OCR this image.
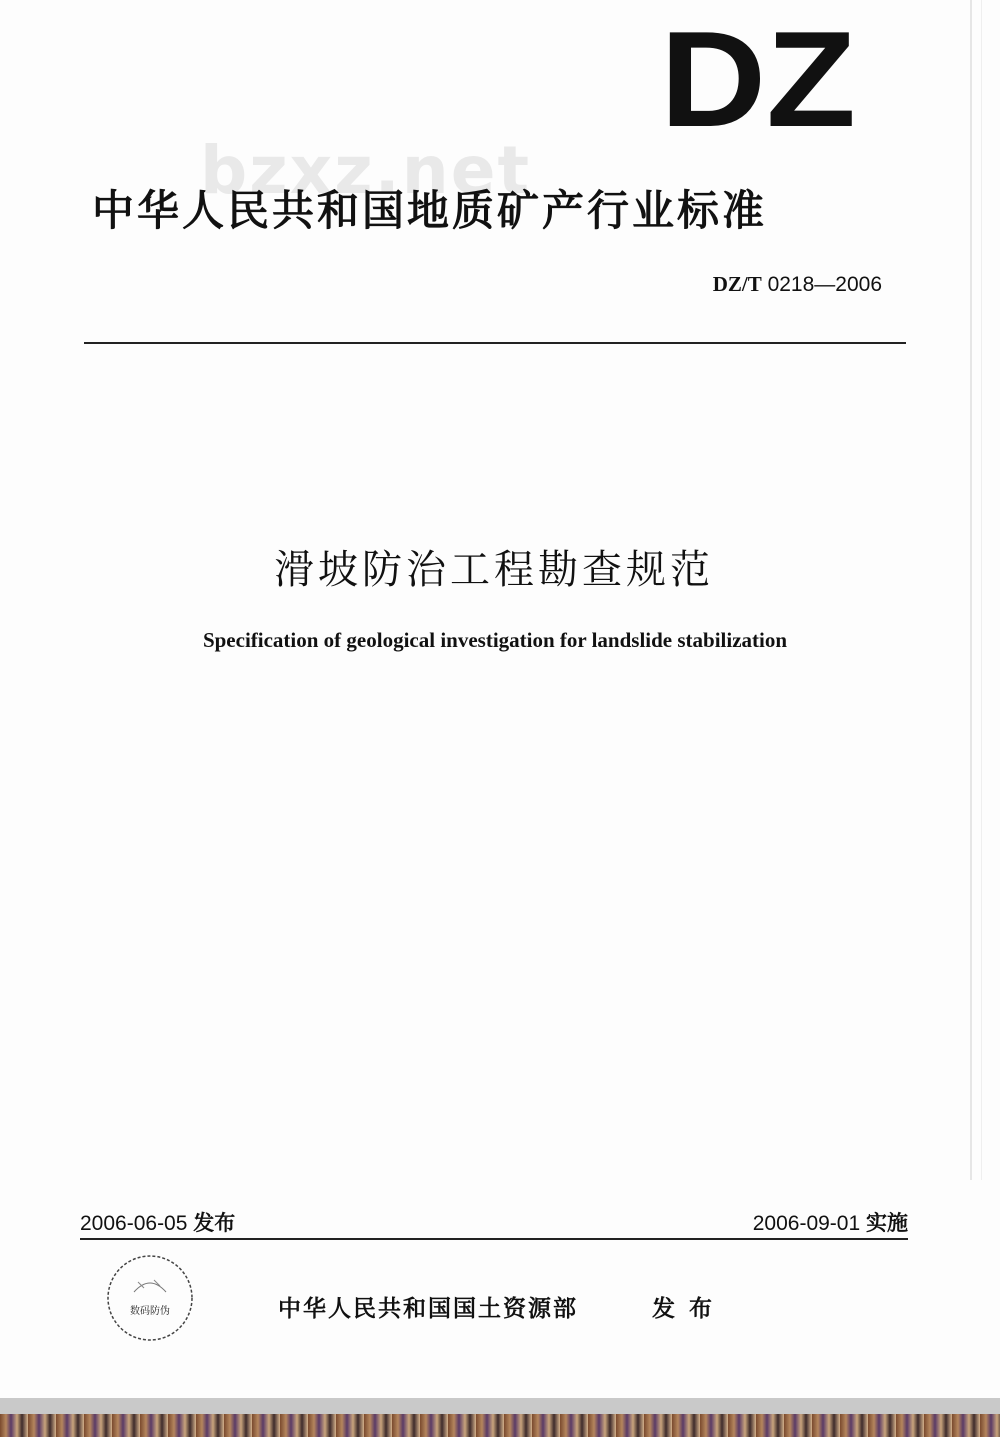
DZ
bzxz.net
中华人民共和国地质矿产行业标准
DZ/T 0218—2006
滑坡防治工程勘查规范
Specification of geological investigation for landslide stabilization
2006-06-05 发布	2006-09-01 实施
数码防伪	中华人民共和国国土资源部	发布
